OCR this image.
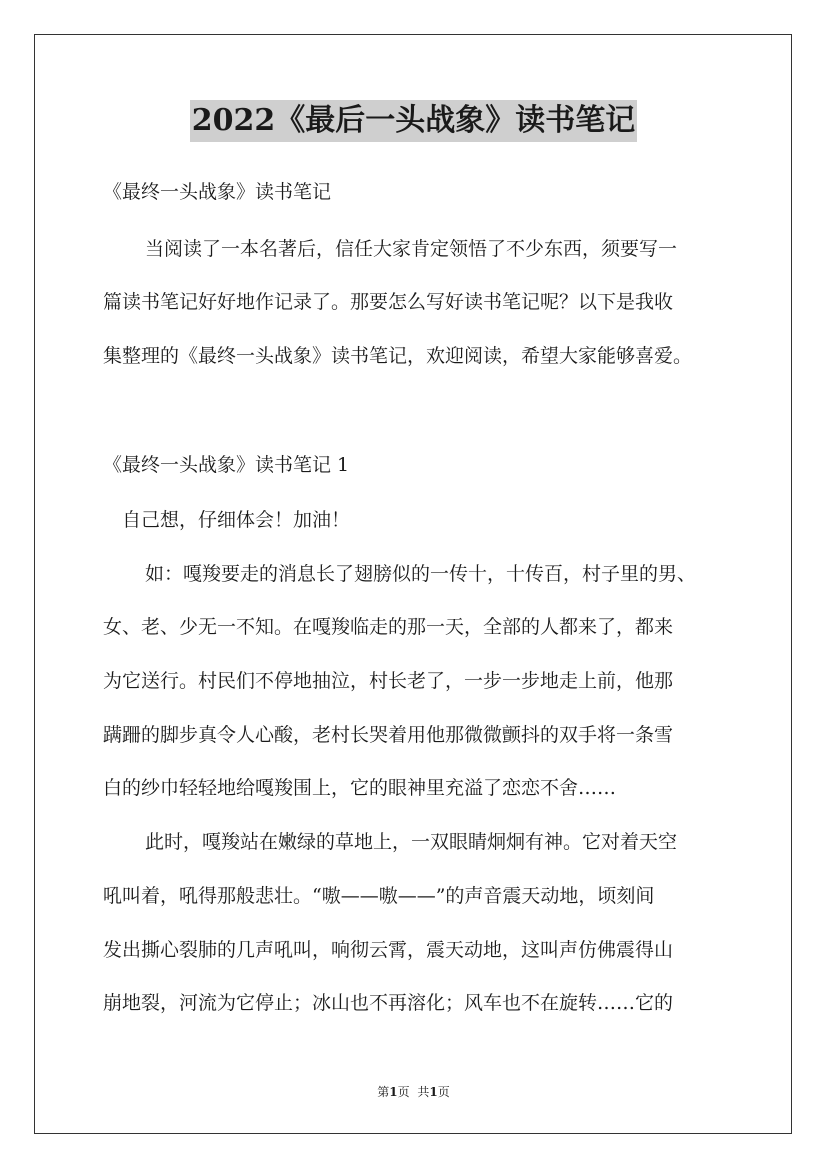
2022《最后一头战象》读书笔记
《最终一头战象》读书笔记
当阅读了一本名著后，信任大家肯定领悟了不少东西，须要写一
篇读书笔记好好地作记录了。那要怎么写好读书笔记呢？以下是我收
集整理的《最终一头战象》读书笔记，欢迎阅读，希望大家能够喜爱。
《最终一头战象》读书笔记 1
自己想，仔细体会！加油！
如：嘎羧要走的消息长了翅膀似的一传十，十传百，村子里的男、
女、老、少无一不知。在嘎羧临走的那一天，全部的人都来了，都来
为它送行。村民们不停地抽泣，村长老了，一步一步地走上前，他那
蹒跚的脚步真令人心酸，老村长哭着用他那微微颤抖的双手将一条雪
白的纱巾轻轻地给嘎羧围上，它的眼神里充溢了恋恋不舍……
此时，嘎羧站在嫩绿的草地上，一双眼睛炯炯有神。它对着天空
吼叫着，吼得那般悲壮。“嗷——嗷——”的声音震天动地，顷刻间
发出撕心裂肺的几声吼叫，响彻云霄，震天动地，这叫声仿佛震得山
崩地裂，河流为它停止；冰山也不再溶化；风车也不在旋转……它的
第1页 共1页
